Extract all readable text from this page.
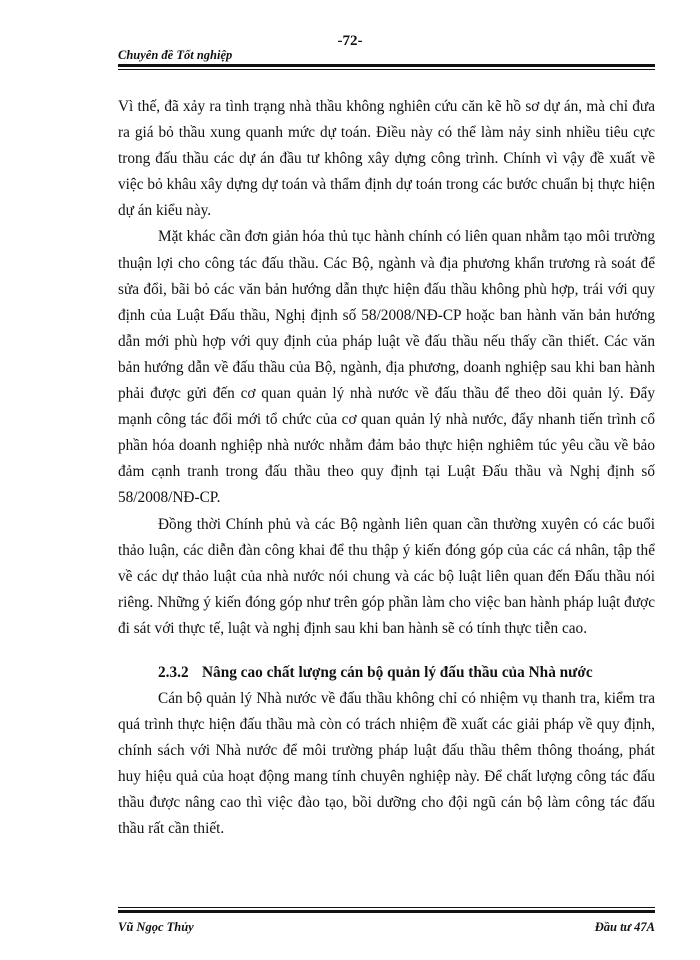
-72-
Chuyên đề Tốt nghiệp

Vì thế, đã xảy ra tình trạng nhà thầu không nghiên cứu căn kẽ hồ sơ dự án, mà chỉ đưa ra giá bỏ thầu xung quanh mức dự toán. Điều này có thể làm nảy sinh nhiều tiêu cực trong đấu thầu các dự án đầu tư không xây dựng công trình. Chính vì vậy đề xuất về việc bỏ khâu xây dựng dự toán và thẩm định dự toán trong các bước chuẩn bị thực hiện dự án kiểu này.

Mặt khác cần đơn giản hóa thủ tục hành chính có liên quan nhằm tạo môi trường thuận lợi cho công tác đấu thầu. Các Bộ, ngành và địa phương khẩn trương rà soát để sửa đổi, bãi bỏ các văn bản hướng dẫn thực hiện đấu thầu không phù hợp, trái với quy định của Luật Đấu thầu, Nghị định số 58/2008/NĐ-CP hoặc ban hành văn bản hướng dẫn mới phù hợp với quy định của pháp luật về đấu thầu nếu thấy cần thiết. Các văn bản hướng dẫn về đấu thầu của Bộ, ngành, địa phương, doanh nghiệp sau khi ban hành phải được gửi đến cơ quan quản lý nhà nước về đấu thầu để theo dõi quản lý. Đẩy mạnh công tác đổi mới tổ chức của cơ quan quản lý nhà nước, đẩy nhanh tiến trình cổ phần hóa doanh nghiệp nhà nước nhằm đảm bảo thực hiện nghiêm túc yêu cầu về bảo đảm cạnh tranh trong đấu thầu theo quy định tại Luật Đấu thầu và Nghị định số 58/2008/NĐ-CP.

Đồng thời Chính phủ và các Bộ ngành liên quan cần thường xuyên có các buổi thảo luận, các diễn đàn công khai để thu thập ý kiến đóng góp của các cá nhân, tập thể về các dự thảo luật của nhà nước nói chung và các bộ luật liên quan đến Đấu thầu nói riêng. Những ý kiến đóng góp như trên góp phần làm cho việc ban hành pháp luật được đi sát với thực tế, luật và nghị định sau khi ban hành sẽ có tính thực tiễn cao.

2.3.2 Nâng cao chất lượng cán bộ quản lý đấu thầu của Nhà nước

Cán bộ quản lý Nhà nước về đấu thầu không chỉ có nhiệm vụ thanh tra, kiểm tra quá trình thực hiện đấu thầu mà còn có trách nhiệm đề xuất các giải pháp về quy định, chính sách với Nhà nước để môi trường pháp luật đấu thầu thêm thông thoáng, phát huy hiệu quả của hoạt động mang tính chuyên nghiệp này. Để chất lượng công tác đấu thầu được nâng cao thì việc đào tạo, bồi dưỡng cho đội ngũ cán bộ làm công tác đấu thầu rất cần thiết.

Vũ Ngọc Thủy	Đầu tư 47A
